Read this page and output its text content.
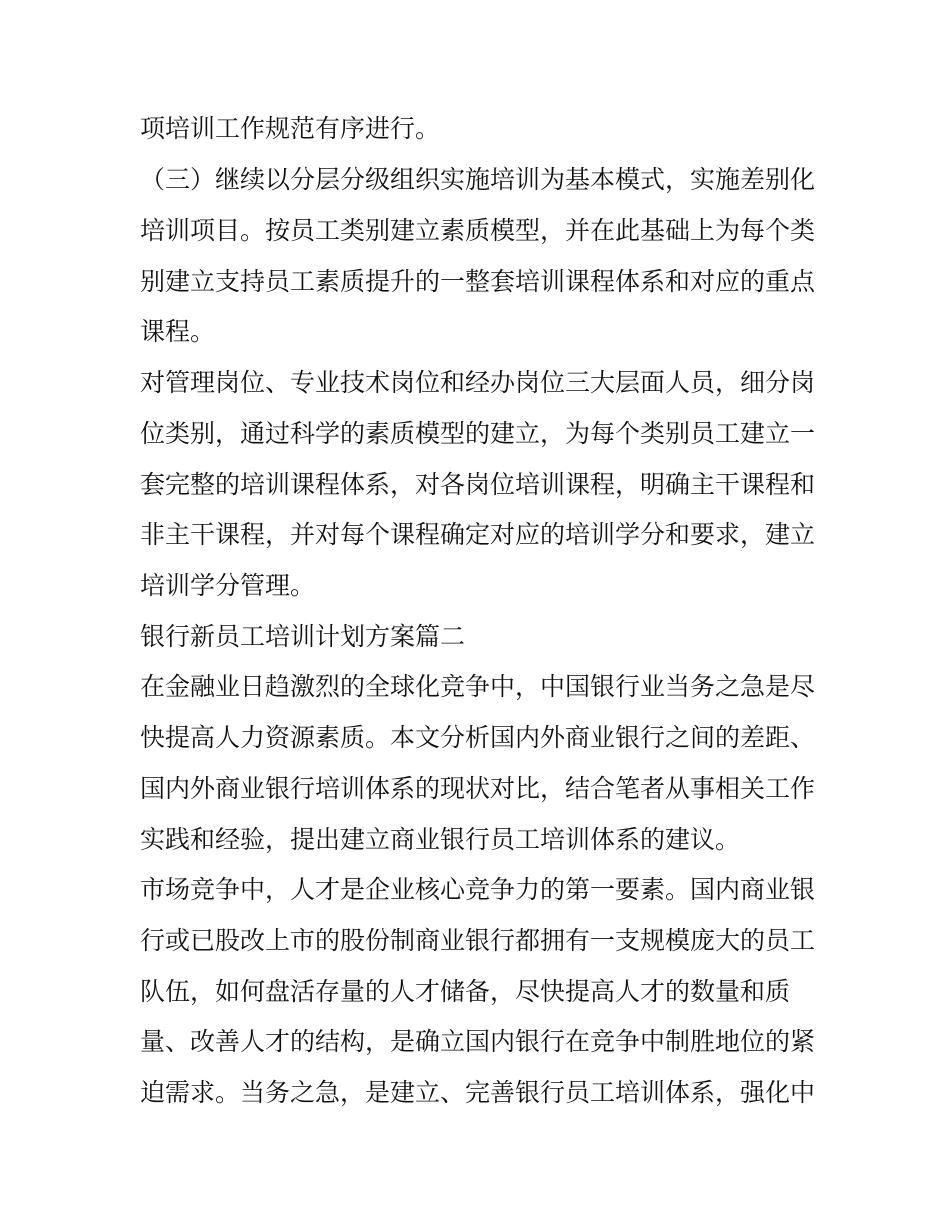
项培训工作规范有序进行。
（三）继续以分层分级组织实施培训为基本模式，实施差别化
培训项目。按员工类别建立素质模型，并在此基础上为每个类
别建立支持员工素质提升的一整套培训课程体系和对应的重点
课程。
对管理岗位、专业技术岗位和经办岗位三大层面人员，细分岗
位类别，通过科学的素质模型的建立，为每个类别员工建立一
套完整的培训课程体系，对各岗位培训课程，明确主干课程和
非主干课程，并对每个课程确定对应的培训学分和要求，建立
培训学分管理。
银行新员工培训计划方案篇二
在金融业日趋激烈的全球化竞争中，中国银行业当务之急是尽
快提高人力资源素质。本文分析国内外商业银行之间的差距、
国内外商业银行培训体系的现状对比，结合笔者从事相关工作
实践和经验，提出建立商业银行员工培训体系的建议。
市场竞争中，人才是企业核心竞争力的第一要素。国内商业银
行或已股改上市的股份制商业银行都拥有一支规模庞大的员工
队伍，如何盘活存量的人才储备，尽快提高人才的数量和质
量、改善人才的结构，是确立国内银行在竞争中制胜地位的紧
迫需求。当务之急，是建立、完善银行员工培训体系，强化中
